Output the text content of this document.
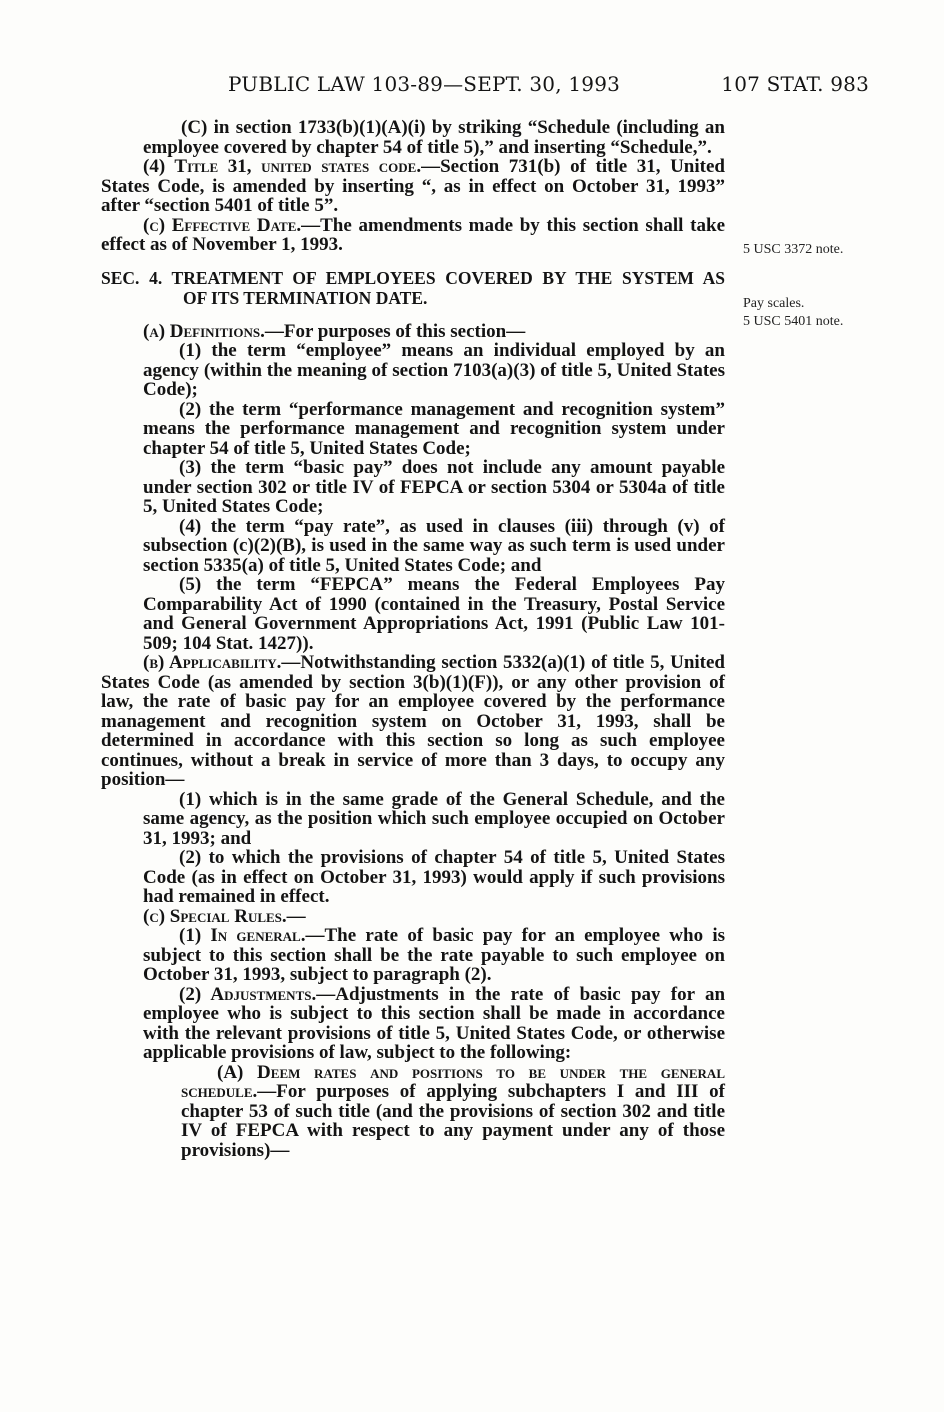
PUBLIC LAW 103-89—SEPT. 30, 1993	107 STAT. 983
5 USC 3372 note.
Pay scales.
5 USC 5401 note.

(C) in section 1733(b)(1)(A)(i) by striking “Schedule (including an employee covered by chapter 54 of title 5),” and inserting “Schedule,”.

(4) Title 31, united states code.—Section 731(b) of title 31, United States Code, is amended by inserting “, as in effect on October 31, 1993” after “section 5401 of title 5”.

(c) Effective Date.—The amendments made by this section shall take effect as of November 1, 1993.

SEC. 4. TREATMENT OF EMPLOYEES COVERED BY THE SYSTEM AS
OF ITS TERMINATION DATE.

(a) Definitions.—For purposes of this section—

(1) the term “employee” means an individual employed by an agency (within the meaning of section 7103(a)(3) of title 5, United States Code);

(2) the term “performance management and recognition system” means the performance management and recognition system under chapter 54 of title 5, United States Code;

(3) the term “basic pay” does not include any amount payable under section 302 or title IV of FEPCA or section 5304 or 5304a of title 5, United States Code;

(4) the term “pay rate”, as used in clauses (iii) through (v) of subsection (c)(2)(B), is used in the same way as such term is used under section 5335(a) of title 5, United States Code; and

(5) the term “FEPCA” means the Federal Employees Pay Comparability Act of 1990 (contained in the Treasury, Postal Service and General Government Appropriations Act, 1991 (Public Law 101-509; 104 Stat. 1427)).

(b) Applicability.—Notwithstanding section 5332(a)(1) of title 5, United States Code (as amended by section 3(b)(1)(F)), or any other provision of law, the rate of basic pay for an employee covered by the performance management and recognition system on October 31, 1993, shall be determined in accordance with this section so long as such employee continues, without a break in service of more than 3 days, to occupy any position—

(1) which is in the same grade of the General Schedule, and the same agency, as the position which such employee occupied on October 31, 1993; and

(2) to which the provisions of chapter 54 of title 5, United States Code (as in effect on October 31, 1993) would apply if such provisions had remained in effect.

(c) Special Rules.—

(1) In general.—The rate of basic pay for an employee who is subject to this section shall be the rate payable to such employee on October 31, 1993, subject to paragraph (2).

(2) Adjustments.—Adjustments in the rate of basic pay for an employee who is subject to this section shall be made in accordance with the relevant provisions of title 5, United States Code, or otherwise applicable provisions of law, subject to the following:

(A) Deem rates and positions to be under the general schedule.—For purposes of applying subchapters I and III of chapter 53 of such title (and the provisions of section 302 and title IV of FEPCA with respect to any payment under any of those provisions)—
